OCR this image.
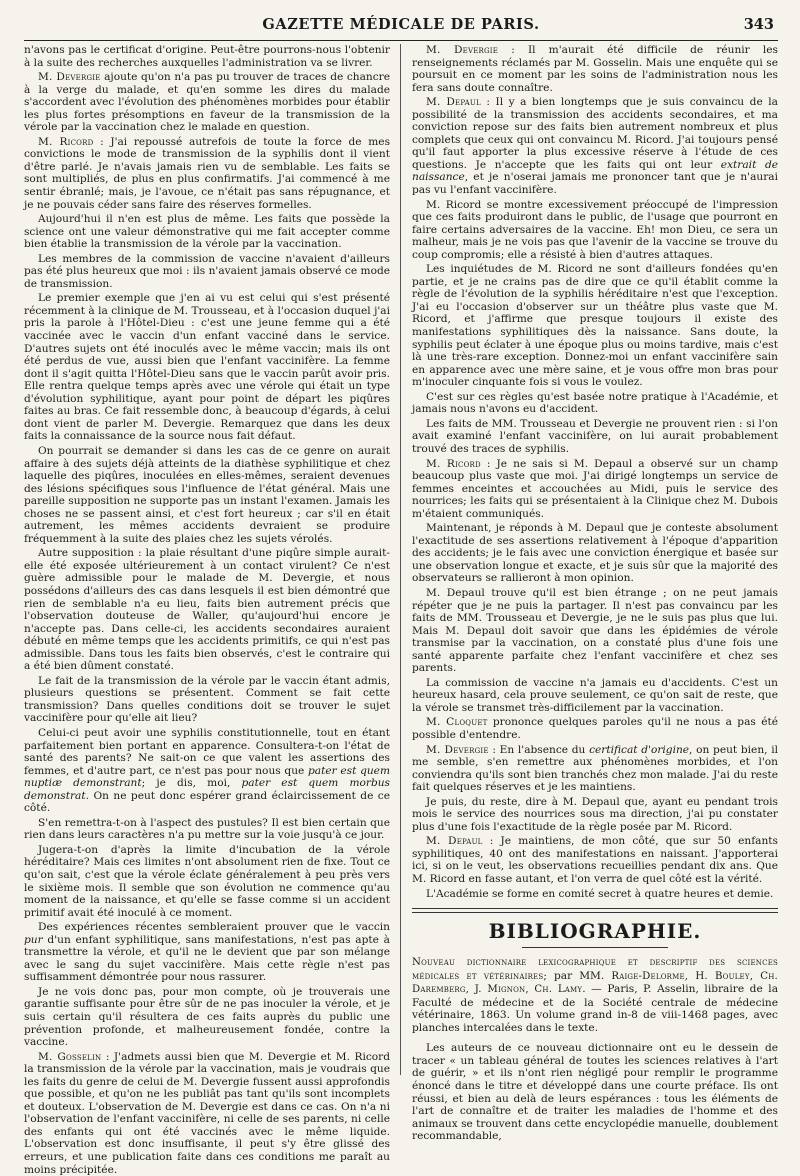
GAZETTE MÉDICALE DE PARIS.	343

n'avons pas le certificat d'origine. Peut-être pourrons-nous l'obtenir à la suite des recherches auxquelles l'administration va se livrer.

M. Devergie ajoute qu'on n'a pas pu trouver de traces de chancre à la verge du malade, et qu'en somme les dires du malade s'accordent avec l'évolution des phénomènes morbides pour établir les plus fortes présomptions en faveur de la transmission de la vérole par la vaccination chez le malade en question.

M. Ricord : J'ai repoussé autrefois de toute la force de mes convictions le mode de transmission de la syphilis dont il vient d'être parlé. Je n'avais jamais rien vu de semblable. Les faits se sont multipliés, de plus en plus confirmatifs. J'ai commencé à me sentir ébranlé; mais, je l'avoue, ce n'était pas sans répugnance, et je ne pouvais céder sans faire des réserves formelles.

Aujourd'hui il n'en est plus de même. Les faits que possède la science ont une valeur démonstrative qui me fait accepter comme bien établie la transmission de la vérole par la vaccination.

Les membres de la commission de vaccine n'avaient d'ailleurs pas été plus heureux que moi : ils n'avaient jamais observé ce mode de transmission.

Le premier exemple que j'en ai vu est celui qui s'est présenté récemment à la clinique de M. Trousseau, et à l'occasion duquel j'ai pris la parole à l'Hôtel-Dieu : c'est une jeune femme qui a été vaccinée avec le vaccin d'un enfant vacciné dans le service. D'autres sujets ont été inoculés avec le même vaccin; mais ils ont été perdus de vue, aussi bien que l'enfant vaccinifère. La femme dont il s'agit quitta l'Hôtel-Dieu sans que le vaccin parût avoir pris. Elle rentra quelque temps après avec une vérole qui était un type d'évolution syphilitique, ayant pour point de départ les piqûres faites au bras. Ce fait ressemble donc, à beaucoup d'égards, à celui dont vient de parler M. Devergie. Remarquez que dans les deux faits la connaissance de la source nous fait défaut.

On pourrait se demander si dans les cas de ce genre on aurait affaire à des sujets déjà atteints de la diathèse syphilitique et chez laquelle des piqûres, inoculées en elles-mêmes, seraient devenues des lésions spécifiques sous l'influence de l'état général. Mais une pareille supposition ne supporte pas un instant l'examen. Jamais les choses ne se passent ainsi, et c'est fort heureux ; car s'il en était autrement, les mêmes accidents devraient se produire fréquemment à la suite des plaies chez les sujets vérolés.

Autre supposition : la plaie résultant d'une piqûre simple aurait-elle été exposée ultérieurement à un contact virulent? Ce n'est guère admissible pour le malade de M. Devergie, et nous possédons d'ailleurs des cas dans lesquels il est bien démontré que rien de semblable n'a eu lieu, faits bien autrement précis que l'observation douteuse de Waller, qu'aujourd'hui encore je n'accepte pas. Dans celle-ci, les accidents secondaires auraient débuté en même temps que les accidents primitifs, ce qui n'est pas admissible. Dans tous les faits bien observés, c'est le contraire qui a été bien dûment constaté.

Le fait de la transmission de la vérole par le vaccin étant admis, plusieurs questions se présentent. Comment se fait cette transmission? Dans quelles conditions doit se trouver le sujet vaccinifère pour qu'elle ait lieu?

Celui-ci peut avoir une syphilis constitutionnelle, tout en étant parfaitement bien portant en apparence. Consultera-t-on l'état de santé des parents? Ne sait-on ce que valent les assertions des femmes, et d'autre part, ce n'est pas pour nous que pater est quem nuptiæ demonstrant; je dis, moi, pater est quem morbus demonstrat. On ne peut donc espérer grand éclaircissement de ce côté.

S'en remettra-t-on à l'aspect des pustules? Il est bien certain que rien dans leurs caractères n'a pu mettre sur la voie jusqu'à ce jour.

Jugera-t-on d'après la limite d'incubation de la vérole héréditaire? Mais ces limites n'ont absolument rien de fixe. Tout ce qu'on sait, c'est que la vérole éclate généralement à peu près vers le sixième mois. Il semble que son évolution ne commence qu'au moment de la naissance, et qu'elle se fasse comme si un accident primitif avait été inoculé à ce moment.

Des expériences récentes sembleraient prouver que le vaccin pur d'un enfant syphilitique, sans manifestations, n'est pas apte à transmettre la vérole, et qu'il ne le devient que par son mélange avec le sang du sujet vaccinifère. Mais cette règle n'est pas suffisamment démontrée pour nous rassurer.

Je ne vois donc pas, pour mon compte, où je trouverais une garantie suffisante pour être sûr de ne pas inoculer la vérole, et je suis certain qu'il résultera de ces faits auprès du public une prévention profonde, et malheureusement fondée, contre la vaccine.

M. Gosselin : J'admets aussi bien que M. Devergie et M. Ricord la transmission de la vérole par la vaccination, mais je voudrais que les faits du genre de celui de M. Devergie fussent aussi approfondis que possible, et qu'on ne les publiât pas tant qu'ils sont incomplets et douteux. L'observation de M. Devergie est dans ce cas. On n'a ni l'observation de l'enfant vaccinifère, ni celle de ses parents, ni celle des enfants qui ont été vaccinés avec le même liquide. L'observation est donc insuffisante, il peut s'y être glissé des erreurs, et une publication faite dans ces conditions me paraît au moins précipitée.

M. Devergie : Il m'aurait été difficile de réunir les renseignements réclamés par M. Gosselin. Mais une enquête qui se poursuit en ce moment par les soins de l'administration nous les fera sans doute connaître.

M. Depaul : Il y a bien longtemps que je suis convaincu de la possibilité de la transmission des accidents secondaires, et ma conviction repose sur des faits bien autrement nombreux et plus complets que ceux qui ont convaincu M. Ricord. J'ai toujours pensé qu'il faut apporter la plus excessive réserve à l'étude de ces questions. Je n'accepte que les faits qui ont leur extrait de naissance, et je n'oserai jamais me prononcer tant que je n'aurai pas vu l'enfant vaccinifère.

M. Ricord se montre excessivement préoccupé de l'impression que ces faits produiront dans le public, de l'usage que pourront en faire certains adversaires de la vaccine. Eh! mon Dieu, ce sera un malheur, mais je ne vois pas que l'avenir de la vaccine se trouve du coup compromis; elle a résisté à bien d'autres attaques.

Les inquiétudes de M. Ricord ne sont d'ailleurs fondées qu'en partie, et je ne crains pas de dire que ce qu'il établit comme la règle de l'évolution de la syphilis héréditaire n'est que l'exception. J'ai eu l'occasion d'observer sur un théâtre plus vaste que M. Ricord, et j'affirme que presque toujours il existe des manifestations syphilitiques dès la naissance. Sans doute, la syphilis peut éclater à une époque plus ou moins tardive, mais c'est là une très-rare exception. Donnez-moi un enfant vaccinifère sain en apparence avec une mère saine, et je vous offre mon bras pour m'inoculer cinquante fois si vous le voulez.

C'est sur ces règles qu'est basée notre pratique à l'Académie, et jamais nous n'avons eu d'accident.

Les faits de MM. Trousseau et Devergie ne prouvent rien : si l'on avait examiné l'enfant vaccinifère, on lui aurait probablement trouvé des traces de syphilis.

M. Ricord : Je ne sais si M. Depaul a observé sur un champ beaucoup plus vaste que moi. J'ai dirigé longtemps un service de femmes enceintes et accouchées au Midi, puis le service des nourrices; les faits qui se présentaient à la Clinique chez M. Dubois m'étaient communiqués.

Maintenant, je réponds à M. Depaul que je conteste absolument l'exactitude de ses assertions relativement à l'époque d'apparition des accidents; je le fais avec une conviction énergique et basée sur une observation longue et exacte, et je suis sûr que la majorité des observateurs se rallieront à mon opinion.

M. Depaul trouve qu'il est bien étrange ; on ne peut jamais répéter que je ne puis la partager. Il n'est pas convaincu par les faits de MM. Trousseau et Devergie, je ne le suis pas plus que lui. Mais M. Depaul doit savoir que dans les épidémies de vérole transmise par la vaccination, on a constaté plus d'une fois une santé apparente parfaite chez l'enfant vaccinifère et chez ses parents.

La commission de vaccine n'a jamais eu d'accidents. C'est un heureux hasard, cela prouve seulement, ce qu'on sait de reste, que la vérole se transmet très-difficilement par la vaccination.

M. Cloquet prononce quelques paroles qu'il ne nous a pas été possible d'entendre.

M. Devergie : En l'absence du certificat d'origine, on peut bien, il me semble, s'en remettre aux phénomènes morbides, et l'on conviendra qu'ils sont bien tranchés chez mon malade. J'ai du reste fait quelques réserves et je les maintiens.

Je puis, du reste, dire à M. Depaul que, ayant eu pendant trois mois le service des nourrices sous ma direction, j'ai pu constater plus d'une fois l'exactitude de la règle posée par M. Ricord.

M. Depaul : Je maintiens, de mon côté, que sur 50 enfants syphilitiques, 40 ont des manifestations en naissant. J'apporterai ici, si on le veut, les observations recueillies pendant dix ans. Que M. Ricord en fasse autant, et l'on verra de quel côté est la vérité.

L'Académie se forme en comité secret à quatre heures et demie.

BIBLIOGRAPHIE.

Nouveau dictionnaire lexicographique et descriptif des sciences médicales et vétérinaires; par MM. Raige-Delorme, H. Bouley, Ch. Daremberg, J. Mignon, Ch. Lamy. — Paris, P. Asselin, libraire de la Faculté de médecine et de la Société centrale de médecine vétérinaire, 1863. Un volume grand in-8 de viii-1468 pages, avec planches intercalées dans le texte.

Les auteurs de ce nouveau dictionnaire ont eu le dessein de tracer « un tableau général de toutes les sciences relatives à l'art de guérir, » et ils n'ont rien négligé pour remplir le programme énoncé dans le titre et développé dans une courte préface. Ils ont réussi, et bien au delà de leurs espérances : tous les éléments de l'art de connaître et de traiter les maladies de l'homme et des animaux se trouvent dans cette encyclopédie manuelle, doublement recommandable,
